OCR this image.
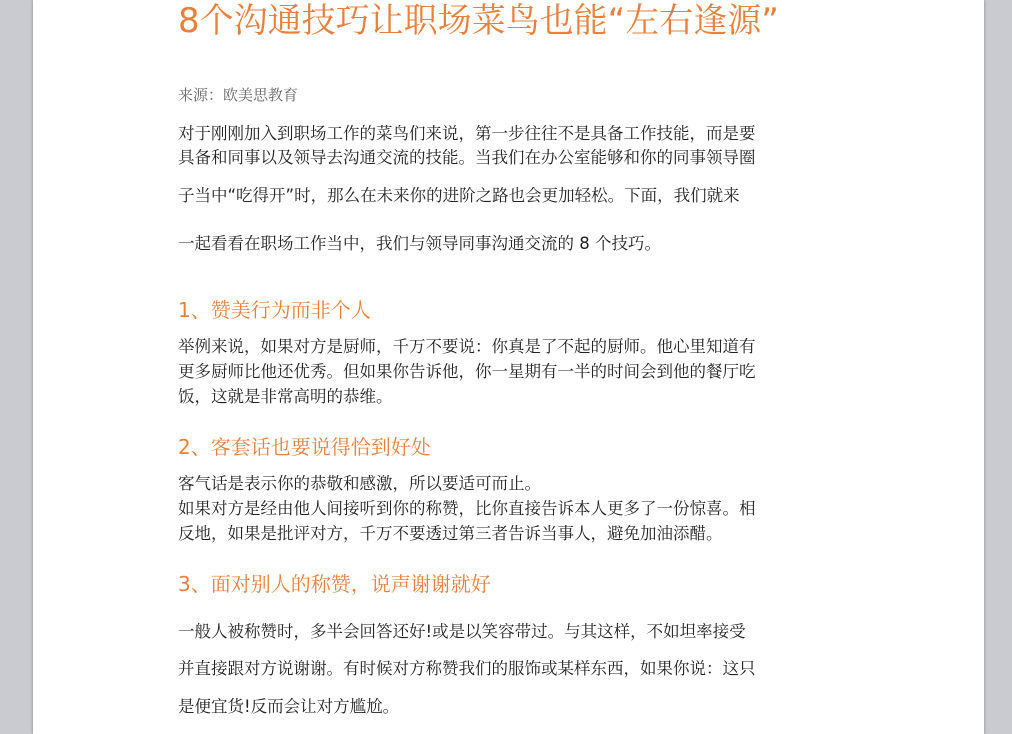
8个沟通技巧让职场菜鸟也能“左右逢源”
来源：欧美思教育

对于刚刚加入到职场工作的菜鸟们来说，第一步往往不是具备工作技能，而是要
具备和同事以及领导去沟通交流的技能。当我们在办公室能够和你的同事领导圈
子当中“吃得开”时，那么在未来你的进阶之路也会更加轻松。下面，我们就来
一起看看在职场工作当中，我们与领导同事沟通交流的 8 个技巧。

1、赞美行为而非个人

举例来说，如果对方是厨师，千万不要说：你真是了不起的厨师。他心里知道有
更多厨师比他还优秀。但如果你告诉他，你一星期有一半的时间会到他的餐厅吃
饭，这就是非常高明的恭维。

2、客套话也要说得恰到好处

客气话是表示你的恭敬和感激，所以要适可而止。
如果对方是经由他人间接听到你的称赞，比你直接告诉本人更多了一份惊喜。相
反地，如果是批评对方，千万不要透过第三者告诉当事人，避免加油添醋。

3、面对别人的称赞，说声谢谢就好

一般人被称赞时，多半会回答还好!或是以笑容带过。与其这样，不如坦率接受
并直接跟对方说谢谢。有时候对方称赞我们的服饰或某样东西，如果你说：这只
是便宜货!反而会让对方尴尬。
